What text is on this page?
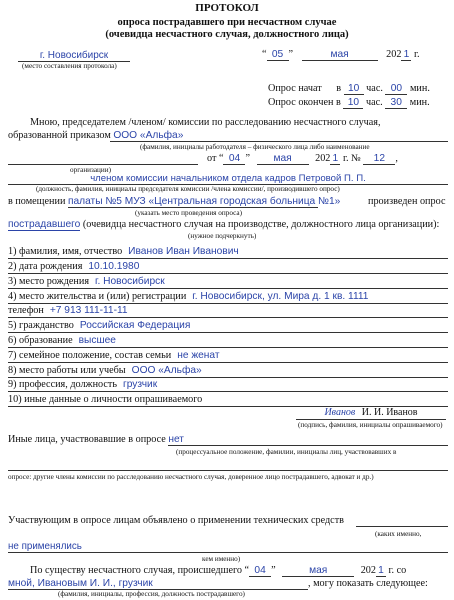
ПРОТОКОЛ
опроса пострадавшего при несчастном случае
(очевидца несчастного случая, должностного лица)
г. Новосибирск
(место составления протокола)
“ 05 ”	мая	202 1 г.
Опрос начат в 10 час. 00 мин.
Опрос окончен в 10 час. 30 мин.
Мною, председателем /членом/ комиссии по расследованию несчастного случая,
образованной приказом ООО «Альфа»
(фамилия, инициалы работодателя – физического лица либо наименование
от “ 04 ” мая 202 1 г. № 12 ,
организации)
членом комиссии начальником отдела кадров Петровой П. П.
(должность, фамилия, инициалы председателя комиссии /члена комиссии/, производившего опрос)
в помещении палаты №5 МУЗ «Центральная городская больница №1»	произведен опрос
(указать место проведения опроса)
пострадавшего (очевидца несчастного случая на производстве, должностного лица организации):
(нужное подчеркнуть)
1) фамилия, имя, отчество Иванов Иван Иванович
2) дата рождения 10.10.1980
3) место рождения г. Новосибирск
4) место жительства и (или) регистрации г. Новосибирск, ул. Мира д. 1 кв. 1111
телефон +7 913 111-11-11
5) гражданство Российская Федерация
6) образование высшее
7) семейное положение, состав семьи не женат
8) место работы или учебы ООО «Альфа»
9) профессия, должность грузчик
10) иные данные о личности опрашиваемого
Иванов И. И. Иванов
(подпись, фамилия, инициалы опрашиваемого)
Иные лица, участвовавшие в опросе нет
(процессуальное положение, фамилии, инициалы лиц, участвовавших в
опросе: другие члены комиссии по расследованию несчастного случая, доверенное лицо пострадавшего, адвокат и др.)
Участвующим в опросе лицам объявлено о применении технических средств
(каких именно,
не применялись
кем именно)
По существу несчастного случая, происшедшего “ 04 ”	мая	202 1 г. со
мной, Ивановым И. И., грузчик	, могу показать следующее:
(фамилия, инициалы, профессия, должность пострадавшего)
